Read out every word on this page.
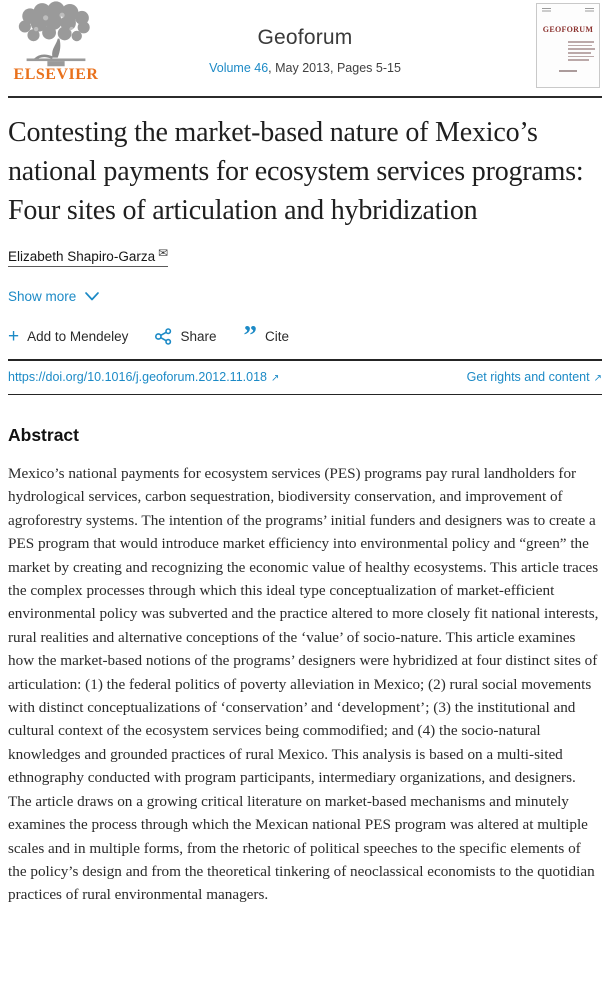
ELSEVIER
Geoforum
Volume 46, May 2013, Pages 5-15
GEOFORUM
Contesting the market-based nature of Mexico’s national payments for ecosystem services programs: Four sites of articulation and hybridization
Elizabeth Shapiro-Garza ✉
Show more
+ Add to Mendeley	Share ” Cite
https://doi.org/10.1016/j.geoforum.2012.11.018 ↗	Get rights and content ↗
Abstract

Mexico’s national payments for ecosystem services (PES) programs pay rural landholders for hydrological services, carbon sequestration, biodiversity conservation, and improvement of agroforestry systems. The intention of the programs’ initial funders and designers was to create a PES program that would introduce market efficiency into environmental policy and “green” the market by creating and recognizing the economic value of healthy ecosystems. This article traces the complex processes through which this ideal type conceptualization of market-efficient environmental policy was subverted and the practice altered to more closely fit national interests, rural realities and alternative conceptions of the ‘value’ of socio-nature. This article examines how the market-based notions of the programs’ designers were hybridized at four distinct sites of articulation: (1) the federal politics of poverty alleviation in Mexico; (2) rural social movements with distinct conceptualizations of ‘conservation’ and ‘development’; (3) the institutional and cultural context of the ecosystem services being commodified; and (4) the socio-natural knowledges and grounded practices of rural Mexico. This analysis is based on a multi-sited ethnography conducted with program participants, intermediary organizations, and designers. The article draws on a growing critical literature on market-based mechanisms and minutely examines the process through which the Mexican national PES program was altered at multiple scales and in multiple forms, from the rhetoric of political speeches to the specific elements of the policy’s design and from the theoretical tinkering of neoclassical economists to the quotidian practices of rural environmental managers.
